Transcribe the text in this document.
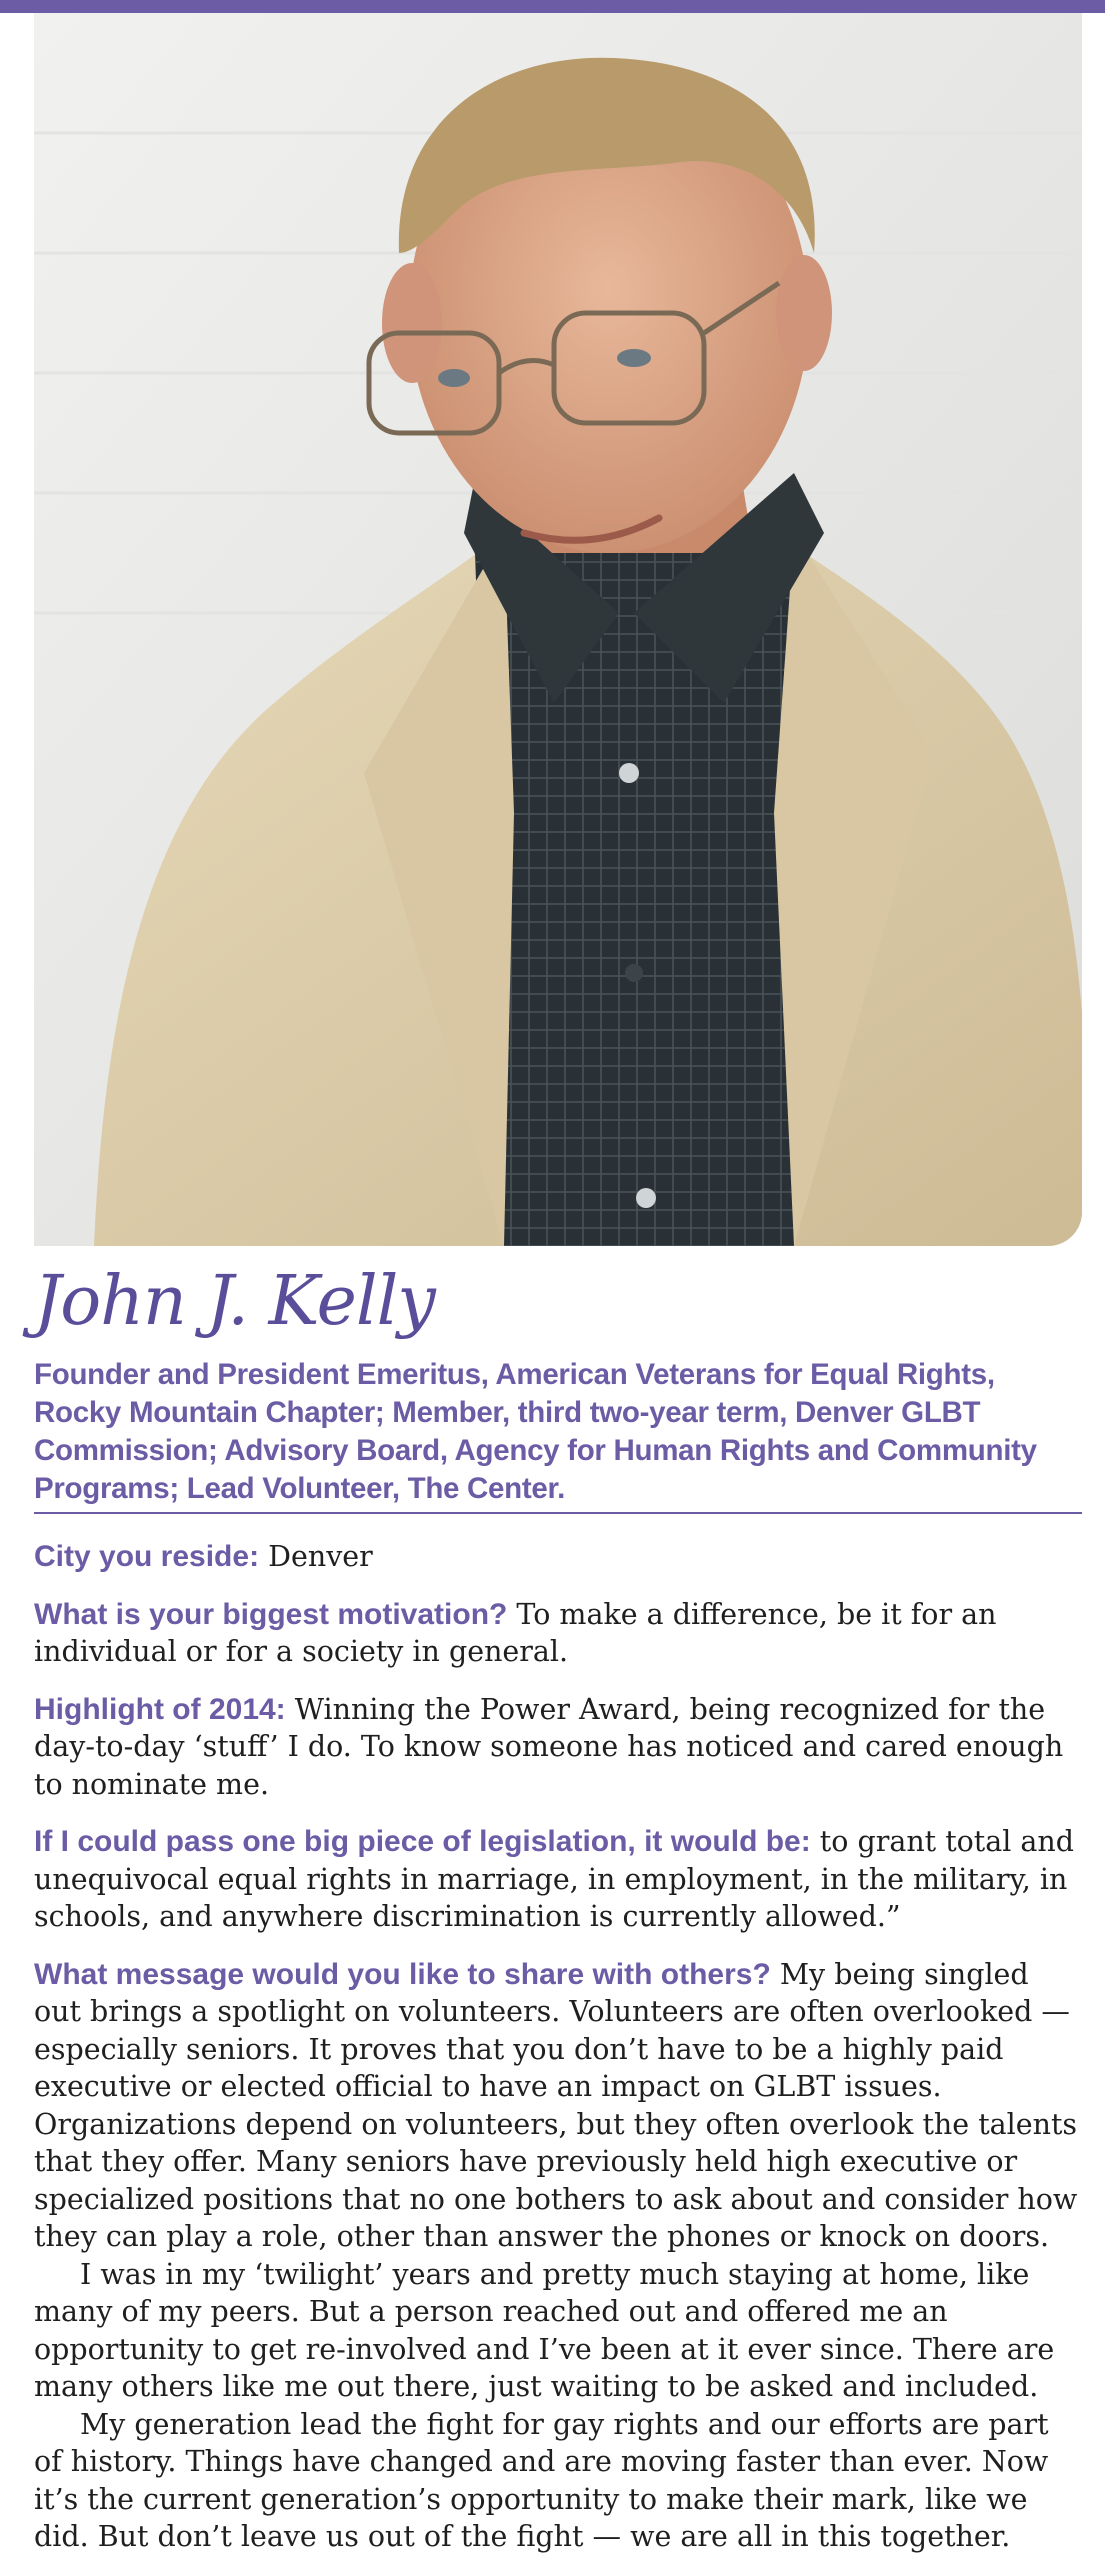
John J. Kelly

Founder and President Emeritus, American Veterans for Equal Rights, Rocky Mountain Chapter; Member, third two-year term, Denver GLBT Commission; Advisory Board, Agency for Human Rights and Community Programs; Lead Volunteer, The Center.

City you reside: Denver

What is your biggest motivation? To make a difference, be it for an individual or for a society in general.

Highlight of 2014: Winning the Power Award, being recognized for the day-to-day ‘stuff’ I do. To know someone has noticed and cared enough to nominate me.

If I could pass one big piece of legislation, it would be: to grant total and unequivocal equal rights in marriage, in employment, in the military, in schools, and anywhere discrimination is currently allowed.”

What message would you like to share with others? My being singled out brings a spotlight on volunteers. Volunteers are often overlooked — especially seniors. It proves that you don’t have to be a highly paid executive or elected official to have an impact on GLBT issues. Organizations depend on volunteers, but they often overlook the talents that they offer. Many seniors have previously held high executive or specialized positions that no one bothers to ask about and consider how they can play a role, other than answer the phones or knock on doors.

I was in my ‘twilight’ years and pretty much staying at home, like many of my peers. But a person reached out and offered me an opportunity to get re-involved and I’ve been at it ever since. There are many others like me out there, just waiting to be asked and included.

My generation lead the fight for gay rights and our efforts are part of history. Things have changed and are moving faster than ever. Now it’s the current generation’s opportunity to make their mark, like we did. But don’t leave us out of the fight — we are all in this together.
